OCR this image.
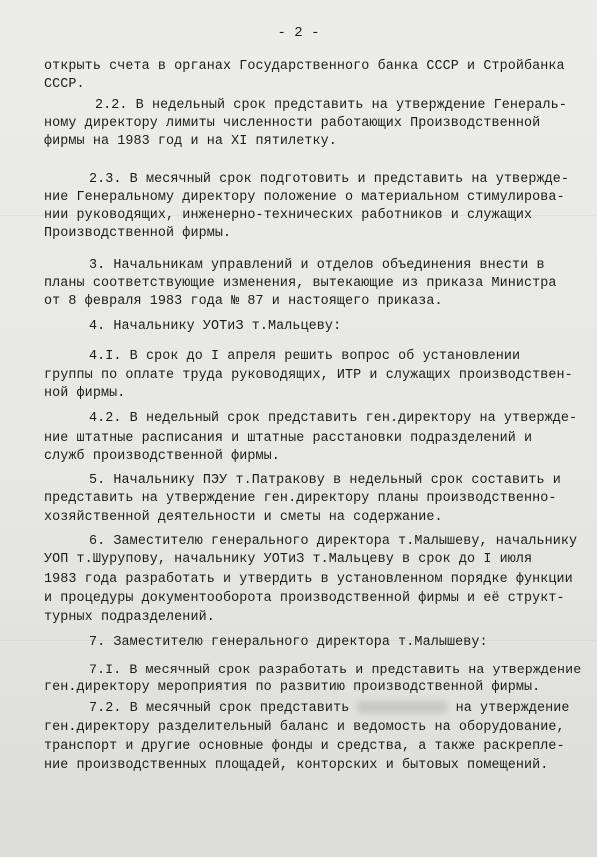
- 2 -
открыть счета в органах Государственного банка СССР и Стройбанка
СССР.
2.2. В недельный срок представить на утверждение Генераль-
ному директору лимиты численности работающих Производственной
фирмы на 1983 год и на XI пятилетку.
2.3. В месячный срок подготовить и представить на утвержде-
ние Генеральному директору положение о материальном стимулирова-
нии руководящих, инженерно-технических работников и служащих
Производственной фирмы.
3. Начальникам управлений и отделов объединения внести в
планы соответствующие изменения, вытекающие из приказа Министра
от 8 февраля 1983 года № 87 и настоящего приказа.
4. Начальнику УОТиЗ т.Мальцеву:
4.I. В срок до I апреля решить вопрос об установлении
группы по оплате труда руководящих, ИТР и служащих производствен-
ной фирмы.
4.2. В недельный срок представить ген.директору на утвержде-
ние штатные расписания и штатные расстановки подразделений и
служб производственной фирмы.
5. Начальнику ПЭУ т.Патракову в недельный срок составить и
представить на утверждение ген.директору планы производственно-
хозяйственной деятельности и сметы на содержание.
6. Заместителю генерального директора т.Малышеву, начальнику
УОП т.Шурупову, начальнику УОТиЗ т.Мальцеву в срок до I июля
1983 года разработать и утвердить в установленном порядке функции
и процедуры документооборота производственной фирмы и её структ-
турных подразделений.
7. Заместителю генерального директора т.Малышеву:
7.I. В месячный срок разработать и представить на утверждение
ген.директору мероприятия по развитию производственной фирмы.
7.2. В месячный срок представить	на утверждение
ген.директору разделительный баланс и ведомость на оборудование,
транспорт и другие основные фонды и средства, а также раскрепле-
ние производственных площадей, конторских и бытовых помещений.
